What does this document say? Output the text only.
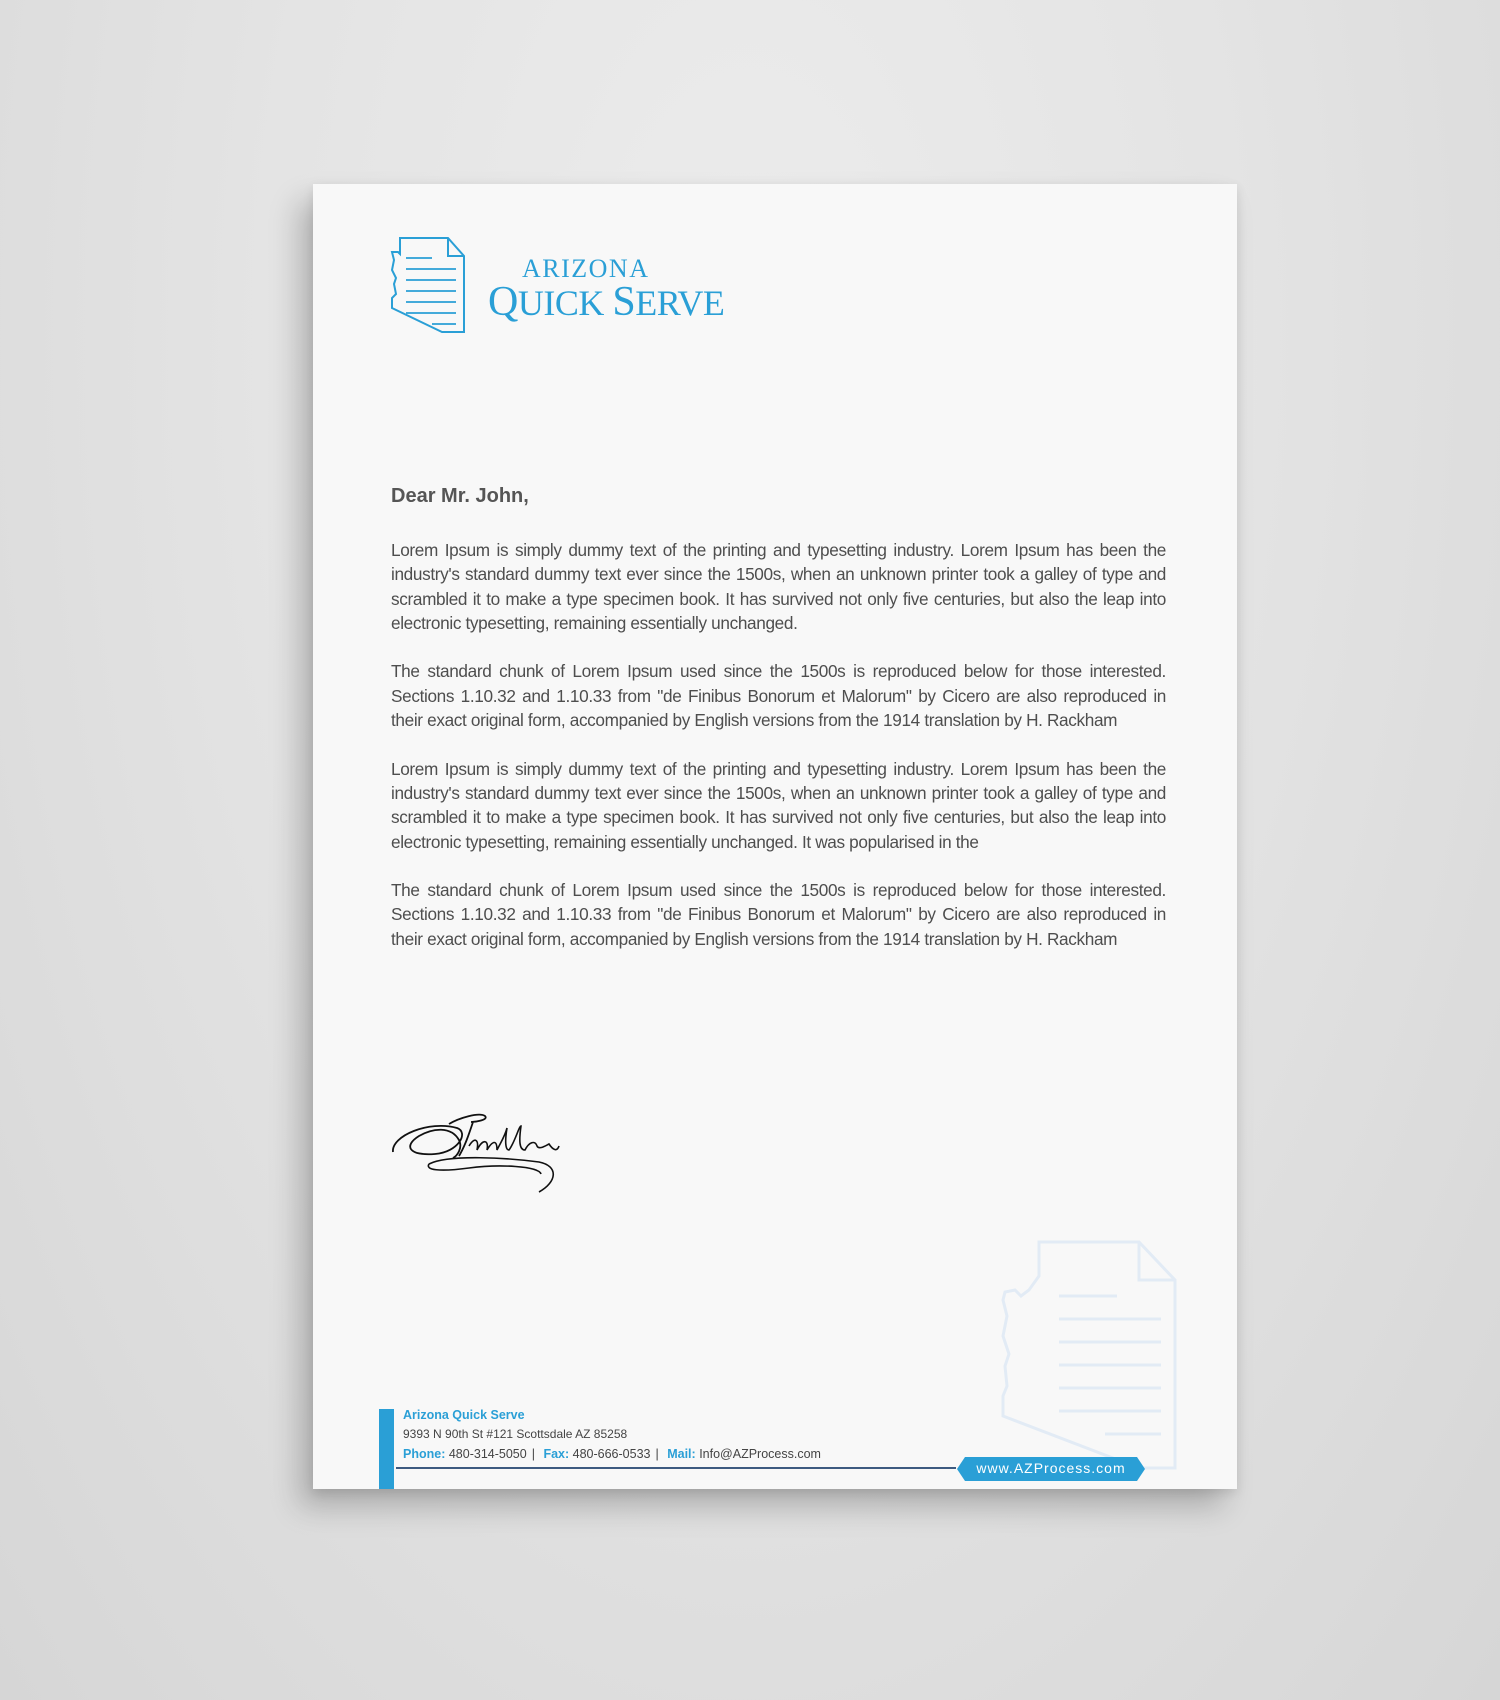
ARIZONA
QUICK SERVE
Dear Mr. John,

Lorem Ipsum is simply dummy text of the printing and typesetting industry. Lorem Ipsum has been the industry's standard dummy text ever since the 1500s, when an unknown printer took a galley of type and scrambled it to make a type specimen book. It has survived not only five centuries, but also the leap into electronic typesetting, remaining essentially unchanged.

The standard chunk of Lorem Ipsum used since the 1500s is reproduced below for those interested. Sections 1.10.32 and 1.10.33 from "de Finibus Bonorum et Malorum" by Cicero are also reproduced in their exact original form, accompanied by English versions from the 1914 translation by H. Rackham

Lorem Ipsum is simply dummy text of the printing and typesetting industry. Lorem Ipsum has been the industry's standard dummy text ever since the 1500s, when an unknown printer took a galley of type and scrambled it to make a type specimen book. It has survived not only five centuries, but also the leap into electronic typesetting, remaining essentially unchanged. It was popularised in the

The standard chunk of Lorem Ipsum used since the 1500s is reproduced below for those interested. Sections 1.10.32 and 1.10.33 from "de Finibus Bonorum et Malorum" by Cicero are also reproduced in their exact original form, accompanied by English versions from the 1914 translation by H. Rackham

Arizona Quick Serve
9393 N 90th St #121 Scottsdale AZ 85258
Phone: 480-314-5050 | Fax: 480-666-0533 | Mail: Info@AZProcess.com
www.AZProcess.com
